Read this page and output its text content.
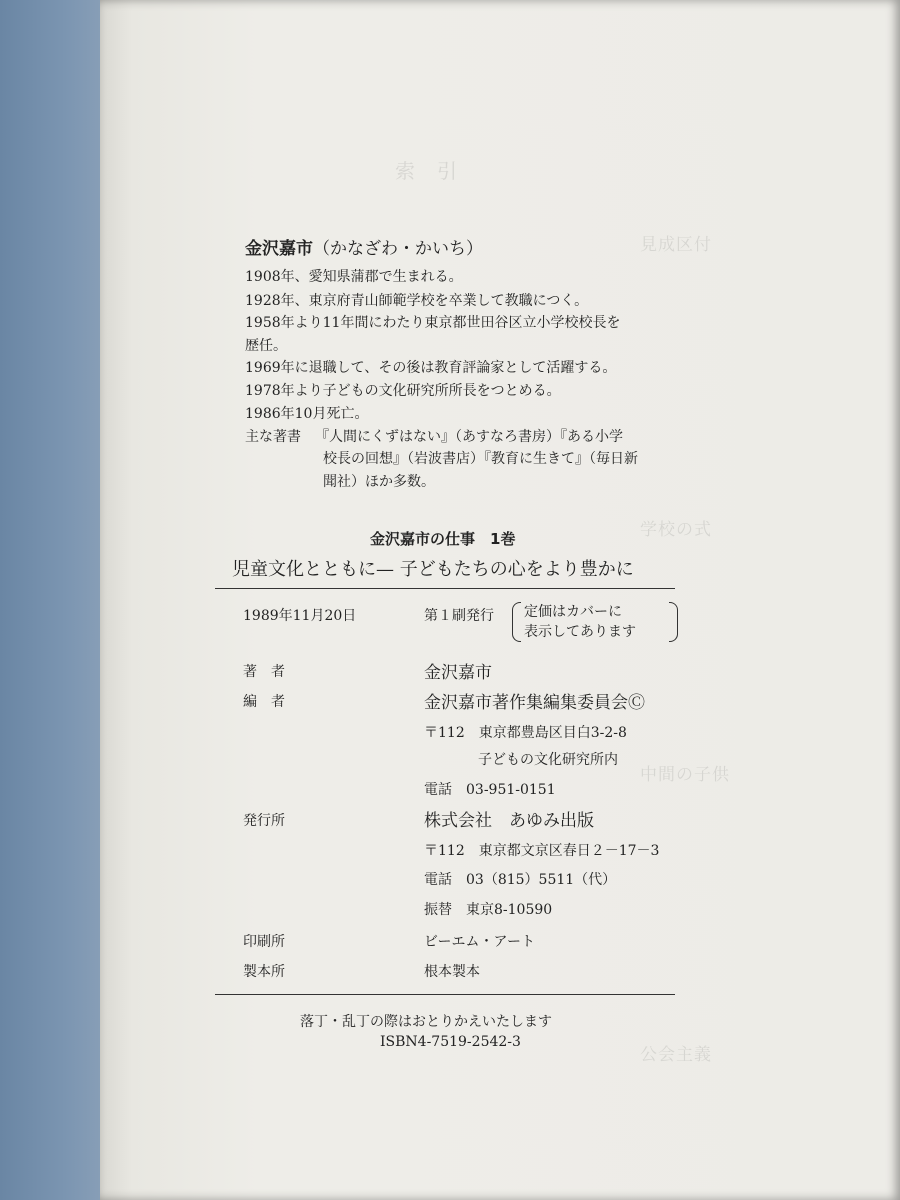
索　引
見成区付
学校の式
中間の子供
公会主義
金沢嘉市（かなざわ・かいち）
1908年、愛知県蒲郡で生まれる。
1928年、東京府青山師範学校を卒業して教職につく。
1958年より11年間にわたり東京都世田谷区立小学校校長を
歴任。
1969年に退職して、その後は教育評論家として活躍する。
1978年より子どもの文化研究所所長をつとめる。
1986年10月死亡。
主な著書 『人間にくずはない』（あすなろ書房）『ある小学
校長の回想』（岩波書店）『教育に生きて』（毎日新
聞社）ほか多数。
金沢嘉市の仕事　1巻
児童文化とともに— 子どもたちの心をより豊かに
1989年11月20日	第１刷発行 定価はカバーに
表示してあります
著　者	金沢嘉市
編　者	金沢嘉市著作集編集委員会Ⓒ
〒112　東京都豊島区目白3-2-8
子どもの文化研究所内
電話　03-951-0151
発行所	株式会社　あゆみ出版
〒112　東京都文京区春日２－17－3
電話　03（815）5511（代）
振替　東京8-10590
印刷所	ビーエム・アート
製本所	根本製本
落丁・乱丁の際はおとりかえいたします
ISBN4-7519-2542-3
